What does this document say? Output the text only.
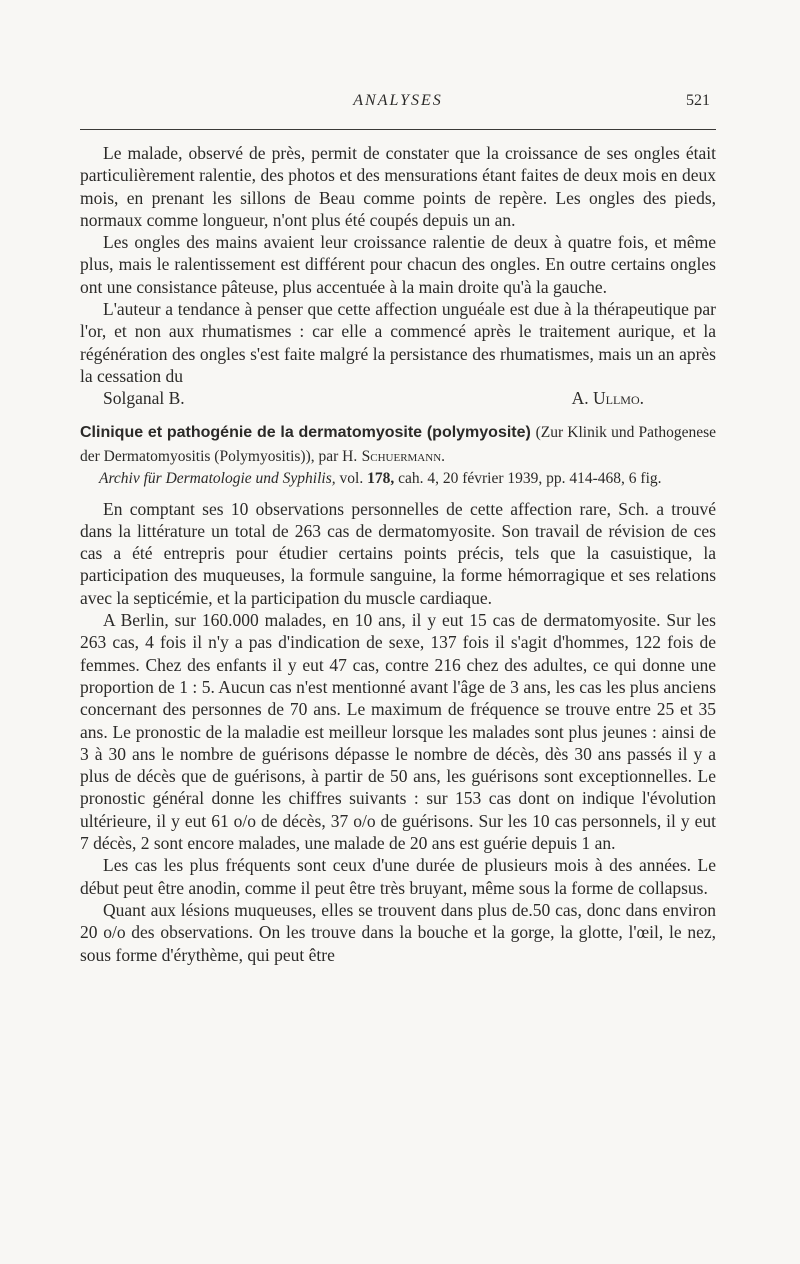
ANALYSES	521

Le malade, observé de près, permit de constater que la croissance de ses ongles était particulièrement ralentie, des photos et des mensurations étant faites de deux mois en deux mois, en prenant les sillons de Beau comme points de repère. Les ongles des pieds, normaux comme longueur, n'ont plus été coupés depuis un an.

Les ongles des mains avaient leur croissance ralentie de deux à quatre fois, et même plus, mais le ralentissement est différent pour chacun des ongles. En outre certains ongles ont une consistance pâteuse, plus accentuée à la main droite qu'à la gauche.

L'auteur a tendance à penser que cette affection unguéale est due à la thérapeutique par l'or, et non aux rhumatismes : car elle a commencé après le traitement aurique, et la régénération des ongles s'est faite malgré la persistance des rhumatismes, mais un an après la cessation du

Solganal B.	A. Ullmo.

Clinique et pathogénie de la dermatomyosite (polymyosite) (Zur Klinik und Pathogenese der Dermatomyositis (Polymyositis)), par H. Schuermann.
Archiv für Dermatologie und Syphilis, vol. 178, cah. 4, 20 février 1939, pp. 414-468, 6 fig.

En comptant ses 10 observations personnelles de cette affection rare, Sch. a trouvé dans la littérature un total de 263 cas de dermatomyosite. Son travail de révision de ces cas a été entrepris pour étudier certains points précis, tels que la casuistique, la participation des muqueuses, la formule sanguine, la forme hémorragique et ses relations avec la septicémie, et la participation du muscle cardiaque.

A Berlin, sur 160.000 malades, en 10 ans, il y eut 15 cas de dermatomyosite. Sur les 263 cas, 4 fois il n'y a pas d'indication de sexe, 137 fois il s'agit d'hommes, 122 fois de femmes. Chez des enfants il y eut 47 cas, contre 216 chez des adultes, ce qui donne une proportion de 1 : 5. Aucun cas n'est mentionné avant l'âge de 3 ans, les cas les plus anciens concernant des personnes de 70 ans. Le maximum de fréquence se trouve entre 25 et 35 ans. Le pronostic de la maladie est meilleur lorsque les malades sont plus jeunes : ainsi de 3 à 30 ans le nombre de guérisons dépasse le nombre de décès, dès 30 ans passés il y a plus de décès que de guérisons, à partir de 50 ans, les guérisons sont exceptionnelles. Le pronostic général donne les chiffres suivants : sur 153 cas dont on indique l'évolution ultérieure, il y eut 61 o/o de décès, 37 o/o de guérisons. Sur les 10 cas personnels, il y eut 7 décès, 2 sont encore malades, une malade de 20 ans est guérie depuis 1 an.

Les cas les plus fréquents sont ceux d'une durée de plusieurs mois à des années. Le début peut être anodin, comme il peut être très bruyant, même sous la forme de collapsus.

Quant aux lésions muqueuses, elles se trouvent dans plus de.50 cas, donc dans environ 20 o/o des observations. On les trouve dans la bouche et la gorge, la glotte, l'œil, le nez, sous forme d'érythème, qui peut être
